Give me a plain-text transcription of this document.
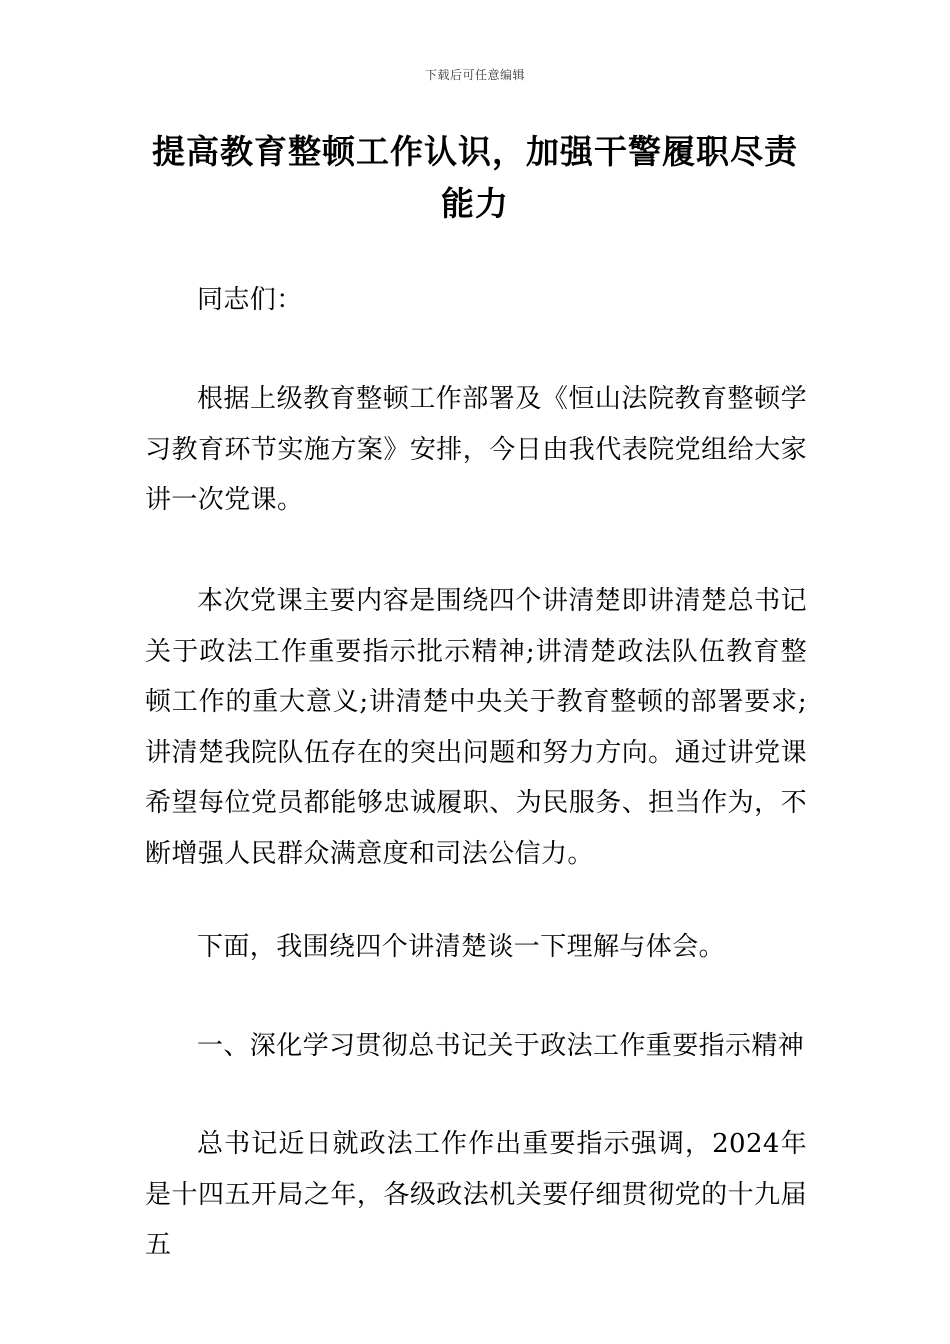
下载后可任意编辑
提高教育整顿工作认识，加强干警履职尽责能力
同志们：
根据上级教育整顿工作部署及《恒山法院教育整顿学习教育环节实施方案》安排，今日由我代表院党组给大家讲一次党课。
本次党课主要内容是围绕四个讲清楚即讲清楚总书记关于政法工作重要指示批示精神;讲清楚政法队伍教育整顿工作的重大意义;讲清楚中央关于教育整顿的部署要求;讲清楚我院队伍存在的突出问题和努力方向。通过讲党课希望每位党员都能够忠诚履职、为民服务、担当作为，不断增强人民群众满意度和司法公信力。
下面，我围绕四个讲清楚谈一下理解与体会。
一、深化学习贯彻总书记关于政法工作重要指示精神
总书记近日就政法工作作出重要指示强调，2024年是十四五开局之年，各级政法机关要仔细贯彻党的十九届五
